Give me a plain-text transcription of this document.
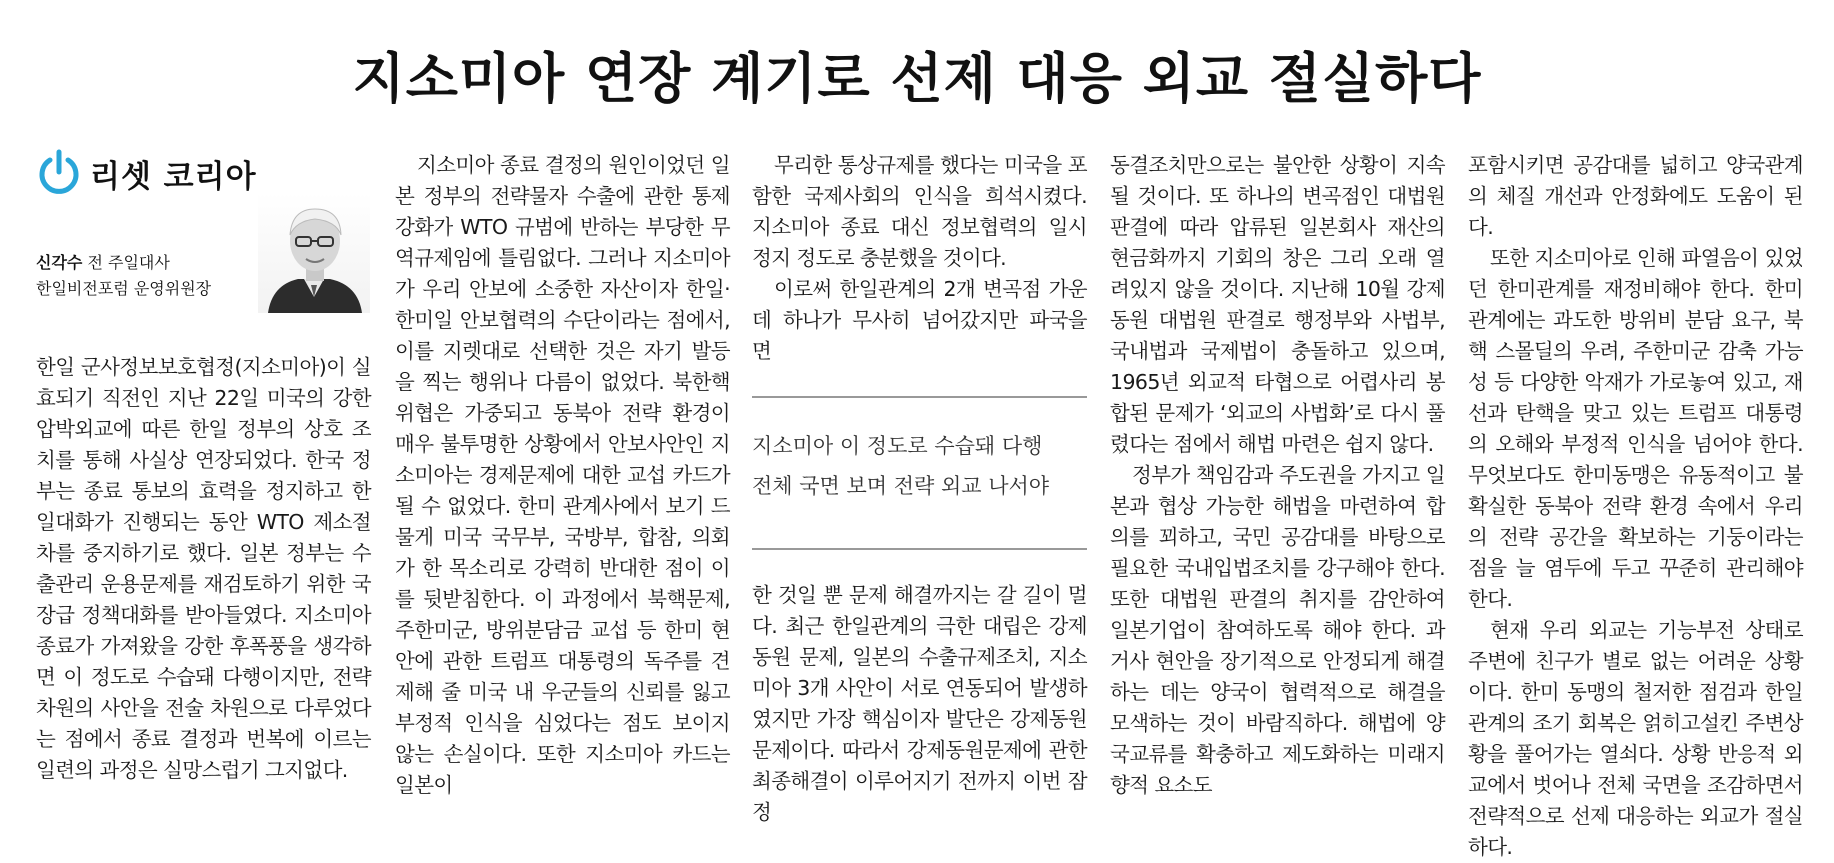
지소미아 연장 계기로 선제 대응 외교 절실하다
리셋 코리아
신각수 전 주일대사
한일비전포럼 운영위원장

한일 군사정보보호협정(지소미아)이 실효되기 직전인 지난 22일 미국의 강한 압박외교에 따른 한일 정부의 상호 조치를 통해 사실상 연장되었다. 한국 정부는 종료 통보의 효력을 정지하고 한일대화가 진행되는 동안 WTO 제소절차를 중지하기로 했다. 일본 정부는 수출관리 운용문제를 재검토하기 위한 국장급 정책대화를 받아들였다. 지소미아 종료가 가져왔을 강한 후폭풍을 생각하면 이 정도로 수습돼 다행이지만, 전략 차원의 사안을 전술 차원으로 다루었다는 점에서 종료 결정과 번복에 이르는 일련의 과정은 실망스럽기 그지없다.

지소미아 종료 결정의 원인이었던 일본 정부의 전략물자 수출에 관한 통제 강화가 WTO 규범에 반하는 부당한 무역규제임에 틀림없다. 그러나 지소미아가 우리 안보에 소중한 자산이자 한일·한미일 안보협력의 수단이라는 점에서, 이를 지렛대로 선택한 것은 자기 발등을 찍는 행위나 다름이 없었다. 북한핵 위협은 가중되고 동북아 전략 환경이 매우 불투명한 상황에서 안보사안인 지소미아는 경제문제에 대한 교섭 카드가 될 수 없었다. 한미 관계사에서 보기 드물게 미국 국무부, 국방부, 합참, 의회가 한 목소리로 강력히 반대한 점이 이를 뒷받침한다. 이 과정에서 북핵문제, 주한미군, 방위분담금 교섭 등 한미 현안에 관한 트럼프 대통령의 독주를 견제해 줄 미국 내 우군들의 신뢰를 잃고 부정적 인식을 심었다는 점도 보이지 않는 손실이다. 또한 지소미아 카드는 일본이

무리한 통상규제를 했다는 미국을 포함한 국제사회의 인식을 희석시켰다. 지소미아 종료 대신 정보협력의 일시 정지 정도로 충분했을 것이다.

이로써 한일관계의 2개 변곡점 가운데 하나가 무사히 넘어갔지만 파국을 면

지소미아 이 정도로 수습돼 다행
전체 국면 보며 전략 외교 나서야

한 것일 뿐 문제 해결까지는 갈 길이 멀다. 최근 한일관계의 극한 대립은 강제동원 문제, 일본의 수출규제조치, 지소미아 3개 사안이 서로 연동되어 발생하였지만 가장 핵심이자 발단은 강제동원 문제이다. 따라서 강제동원문제에 관한 최종해결이 이루어지기 전까지 이번 잠정

동결조치만으로는 불안한 상황이 지속될 것이다. 또 하나의 변곡점인 대법원 판결에 따라 압류된 일본회사 재산의 현금화까지 기회의 창은 그리 오래 열려있지 않을 것이다. 지난해 10월 강제동원 대법원 판결로 행정부와 사법부, 국내법과 국제법이 충돌하고 있으며, 1965년 외교적 타협으로 어렵사리 봉합된 문제가 ‘외교의 사법화’로 다시 풀렸다는 점에서 해법 마련은 쉽지 않다.

정부가 책임감과 주도권을 가지고 일본과 협상 가능한 해법을 마련하여 합의를 꾀하고, 국민 공감대를 바탕으로 필요한 국내입법조치를 강구해야 한다. 또한 대법원 판결의 취지를 감안하여 일본기업이 참여하도록 해야 한다. 과거사 현안을 장기적으로 안정되게 해결하는 데는 양국이 협력적으로 해결을 모색하는 것이 바람직하다. 해법에 양국교류를 확충하고 제도화하는 미래지향적 요소도

포함시키면 공감대를 넓히고 양국관계의 체질 개선과 안정화에도 도움이 된다.

또한 지소미아로 인해 파열음이 있었던 한미관계를 재정비해야 한다. 한미관계에는 과도한 방위비 분담 요구, 북핵 스몰딜의 우려, 주한미군 감축 가능성 등 다양한 악재가 가로놓여 있고, 재선과 탄핵을 맞고 있는 트럼프 대통령의 오해와 부정적 인식을 넘어야 한다. 무엇보다도 한미동맹은 유동적이고 불확실한 동북아 전략 환경 속에서 우리의 전략 공간을 확보하는 기둥이라는 점을 늘 염두에 두고 꾸준히 관리해야 한다.

현재 우리 외교는 기능부전 상태로 주변에 친구가 별로 없는 어려운 상황이다. 한미 동맹의 철저한 점검과 한일관계의 조기 회복은 얽히고설킨 주변상황을 풀어가는 열쇠다. 상황 반응적 외교에서 벗어나 전체 국면을 조감하면서 전략적으로 선제 대응하는 외교가 절실하다.
